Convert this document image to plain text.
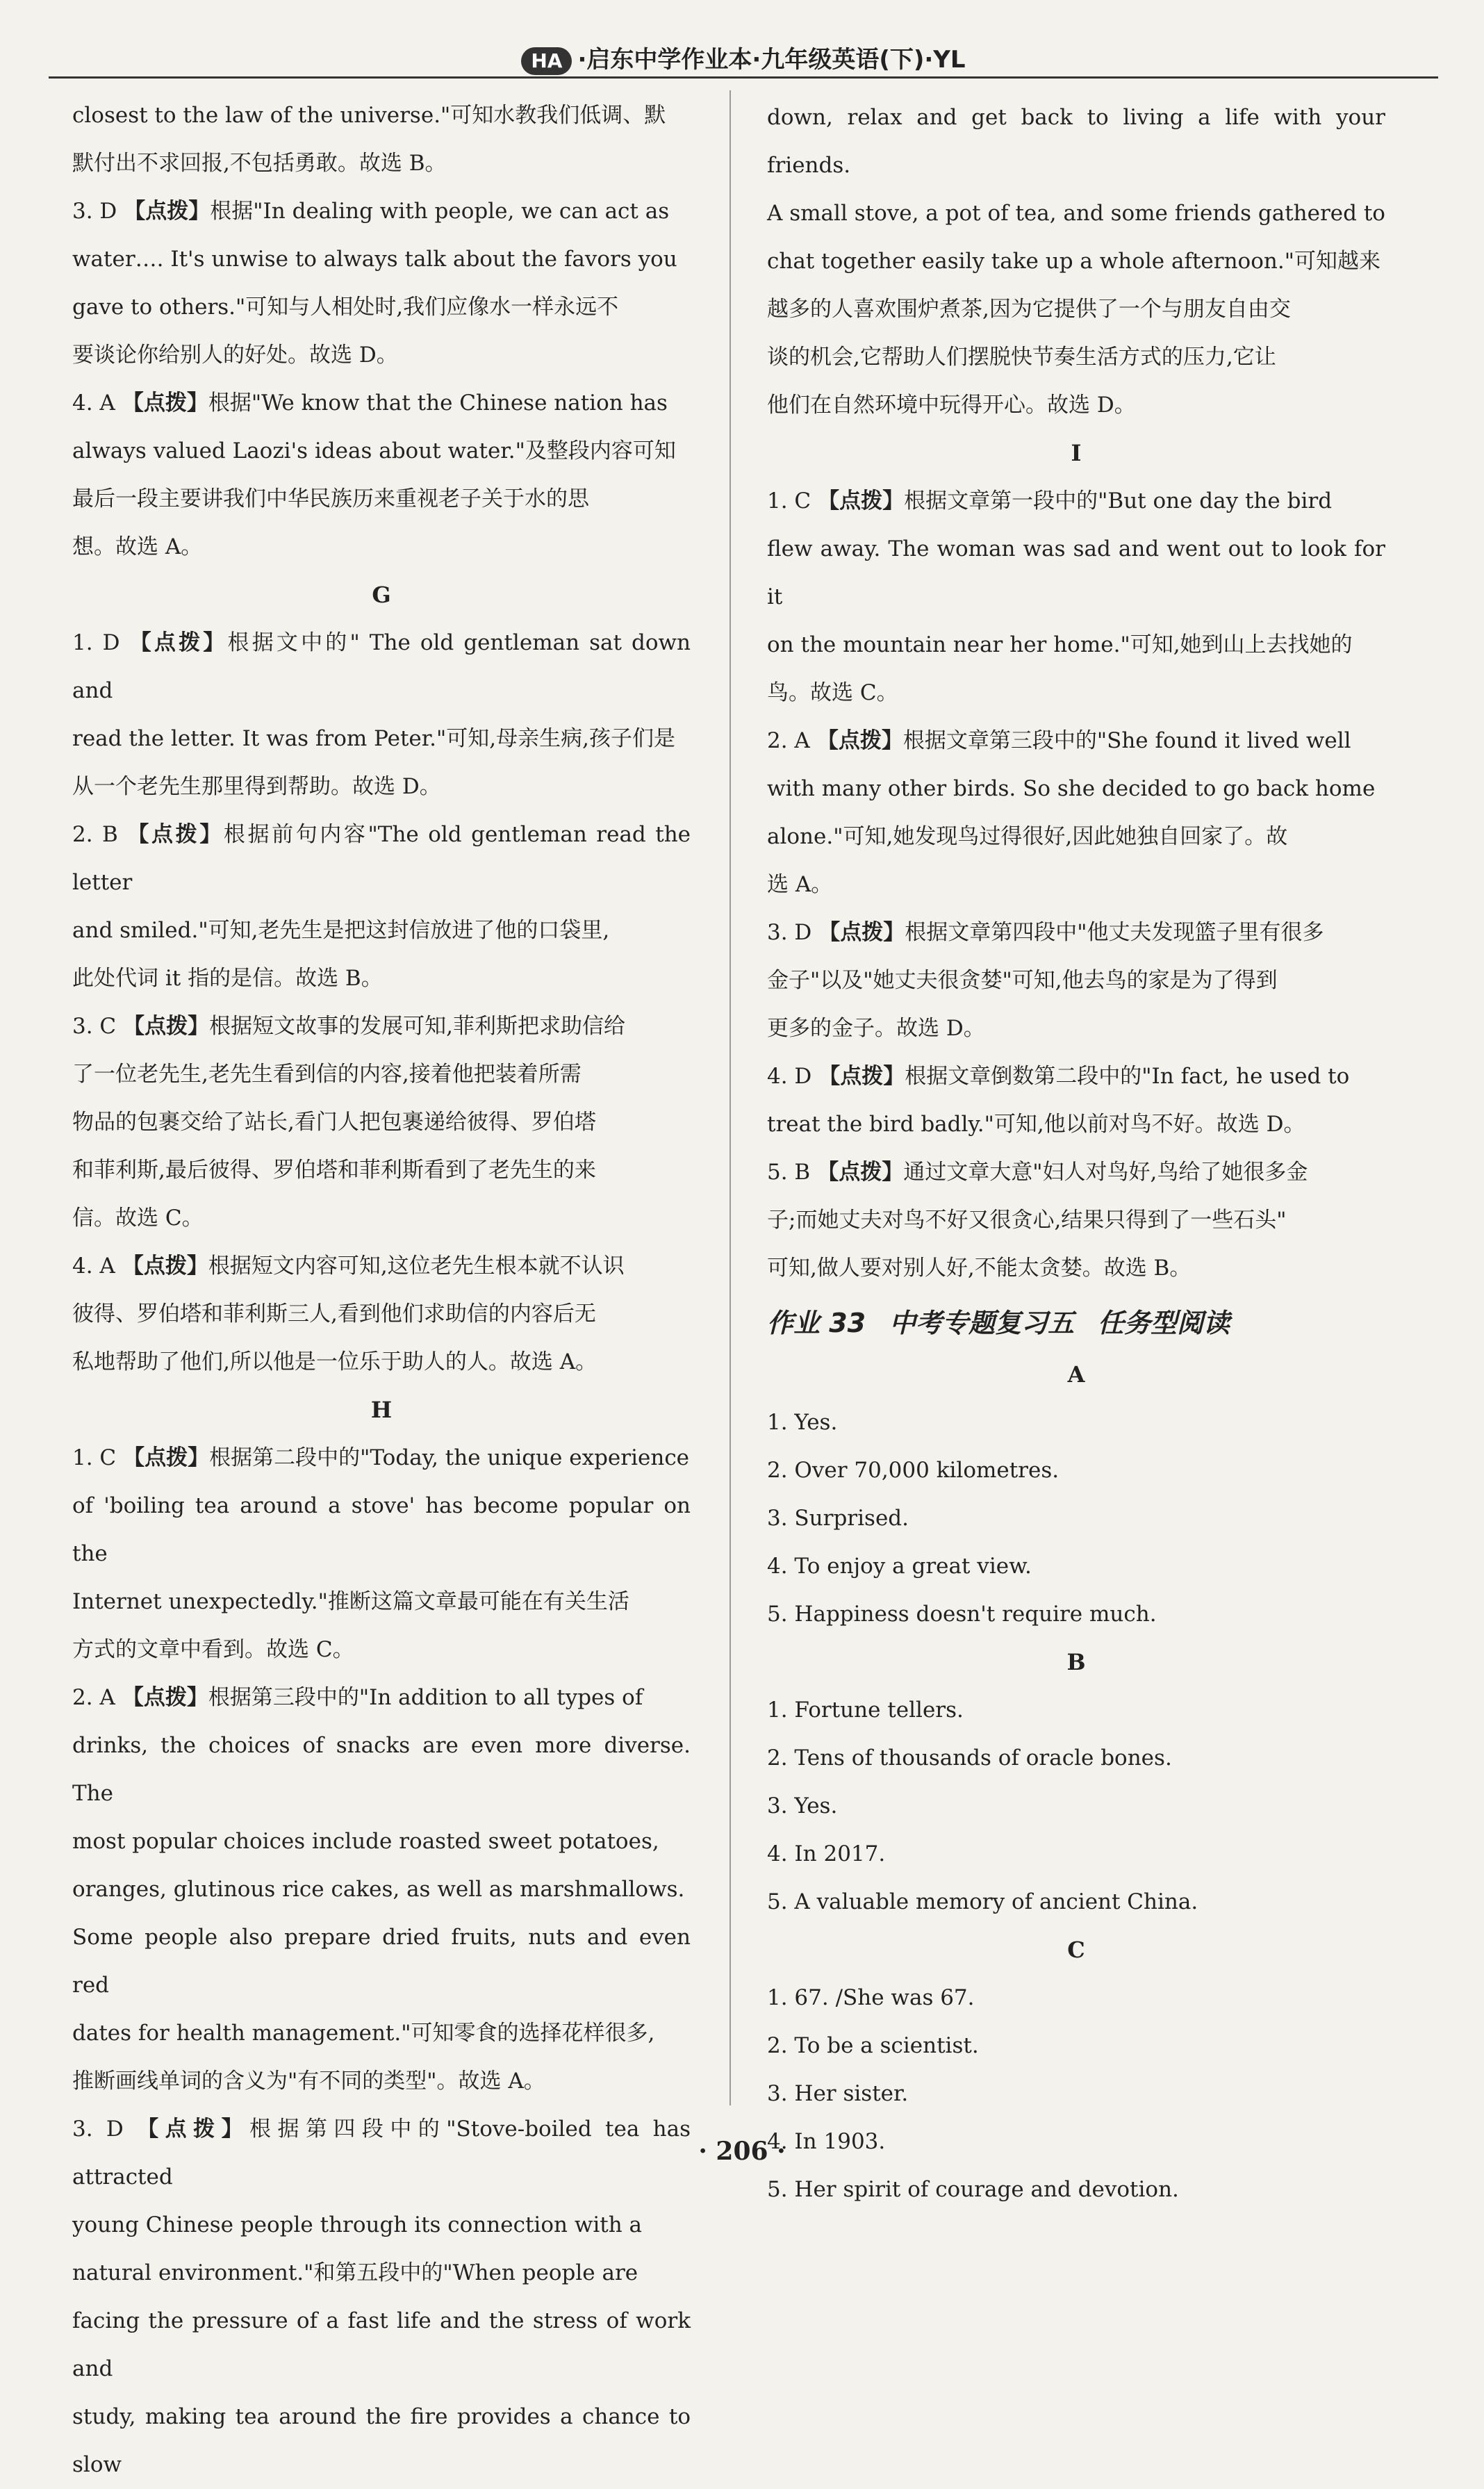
HA ·启东中学作业本·九年级英语(下)·YL
closest to the law of the universe."可知水教我们低调、默
默付出不求回报,不包括勇敢。故选 B。
3. D 【点拨】根据"In dealing with people, we can act as
water…. It's unwise to always talk about the favors you
gave to others."可知与人相处时,我们应像水一样永远不
要谈论你给别人的好处。故选 D。
4. A 【点拨】根据"We know that the Chinese nation has
always valued Laozi's ideas about water."及整段内容可知
最后一段主要讲我们中华民族历来重视老子关于水的思
想。故选 A。
G
1. D 【点拨】根据文中的" The old gentleman sat down and
read the letter. It was from Peter."可知,母亲生病,孩子们是
从一个老先生那里得到帮助。故选 D。
2. B 【点拨】根据前句内容"The old gentleman read the letter
and smiled."可知,老先生是把这封信放进了他的口袋里,
此处代词 it 指的是信。故选 B。
3. C 【点拨】根据短文故事的发展可知,菲利斯把求助信给
了一位老先生,老先生看到信的内容,接着他把装着所需
物品的包裹交给了站长,看门人把包裹递给彼得、罗伯塔
和菲利斯,最后彼得、罗伯塔和菲利斯看到了老先生的来
信。故选 C。
4. A 【点拨】根据短文内容可知,这位老先生根本就不认识
彼得、罗伯塔和菲利斯三人,看到他们求助信的内容后无
私地帮助了他们,所以他是一位乐于助人的人。故选 A。
H
1. C 【点拨】根据第二段中的"Today, the unique experience
of 'boiling tea around a stove' has become popular on the
Internet unexpectedly."推断这篇文章最可能在有关生活
方式的文章中看到。故选 C。
2. A 【点拨】根据第三段中的"In addition to all types of
drinks, the choices of snacks are even more diverse. The
most popular choices include roasted sweet potatoes,
oranges, glutinous rice cakes, as well as marshmallows.
Some people also prepare dried fruits, nuts and even red
dates for health management."可知零食的选择花样很多,
推断画线单词的含义为"有不同的类型"。故选 A。
3. D 【点拨】根据第四段中的"Stove-boiled tea has attracted
young Chinese people through its connection with a
natural environment."和第五段中的"When people are
facing the pressure of a fast life and the stress of work and
study, making tea around the fire provides a chance to slow
down, relax and get back to living a life with your friends.
A small stove, a pot of tea, and some friends gathered to
chat together easily take up a whole afternoon."可知越来
越多的人喜欢围炉煮茶,因为它提供了一个与朋友自由交
谈的机会,它帮助人们摆脱快节奏生活方式的压力,它让
他们在自然环境中玩得开心。故选 D。
I
1. C 【点拨】根据文章第一段中的"But one day the bird
flew away. The woman was sad and went out to look for it
on the mountain near her home."可知,她到山上去找她的
鸟。故选 C。
2. A 【点拨】根据文章第三段中的"She found it lived well
with many other birds. So she decided to go back home
alone."可知,她发现鸟过得很好,因此她独自回家了。故
选 A。
3. D 【点拨】根据文章第四段中"他丈夫发现篮子里有很多
金子"以及"她丈夫很贪婪"可知,他去鸟的家是为了得到
更多的金子。故选 D。
4. D 【点拨】根据文章倒数第二段中的"In fact, he used to
treat the bird badly."可知,他以前对鸟不好。故选 D。
5. B 【点拨】通过文章大意"妇人对鸟好,鸟给了她很多金
子;而她丈夫对鸟不好又很贪心,结果只得到了一些石头"
可知,做人要对别人好,不能太贪婪。故选 B。
作业 33 中考专题复习五 任务型阅读
A
1. Yes.
2. Over 70,000 kilometres.
3. Surprised.
4. To enjoy a great view.
5. Happiness doesn't require much.
B
1. Fortune tellers.
2. Tens of thousands of oracle bones.
3. Yes.
4. In 2017.
5. A valuable memory of ancient China.
C
1. 67. /She was 67.
2. To be a scientist.
3. Her sister.
4. In 1903.
5. Her spirit of courage and devotion.
· 206 ·
